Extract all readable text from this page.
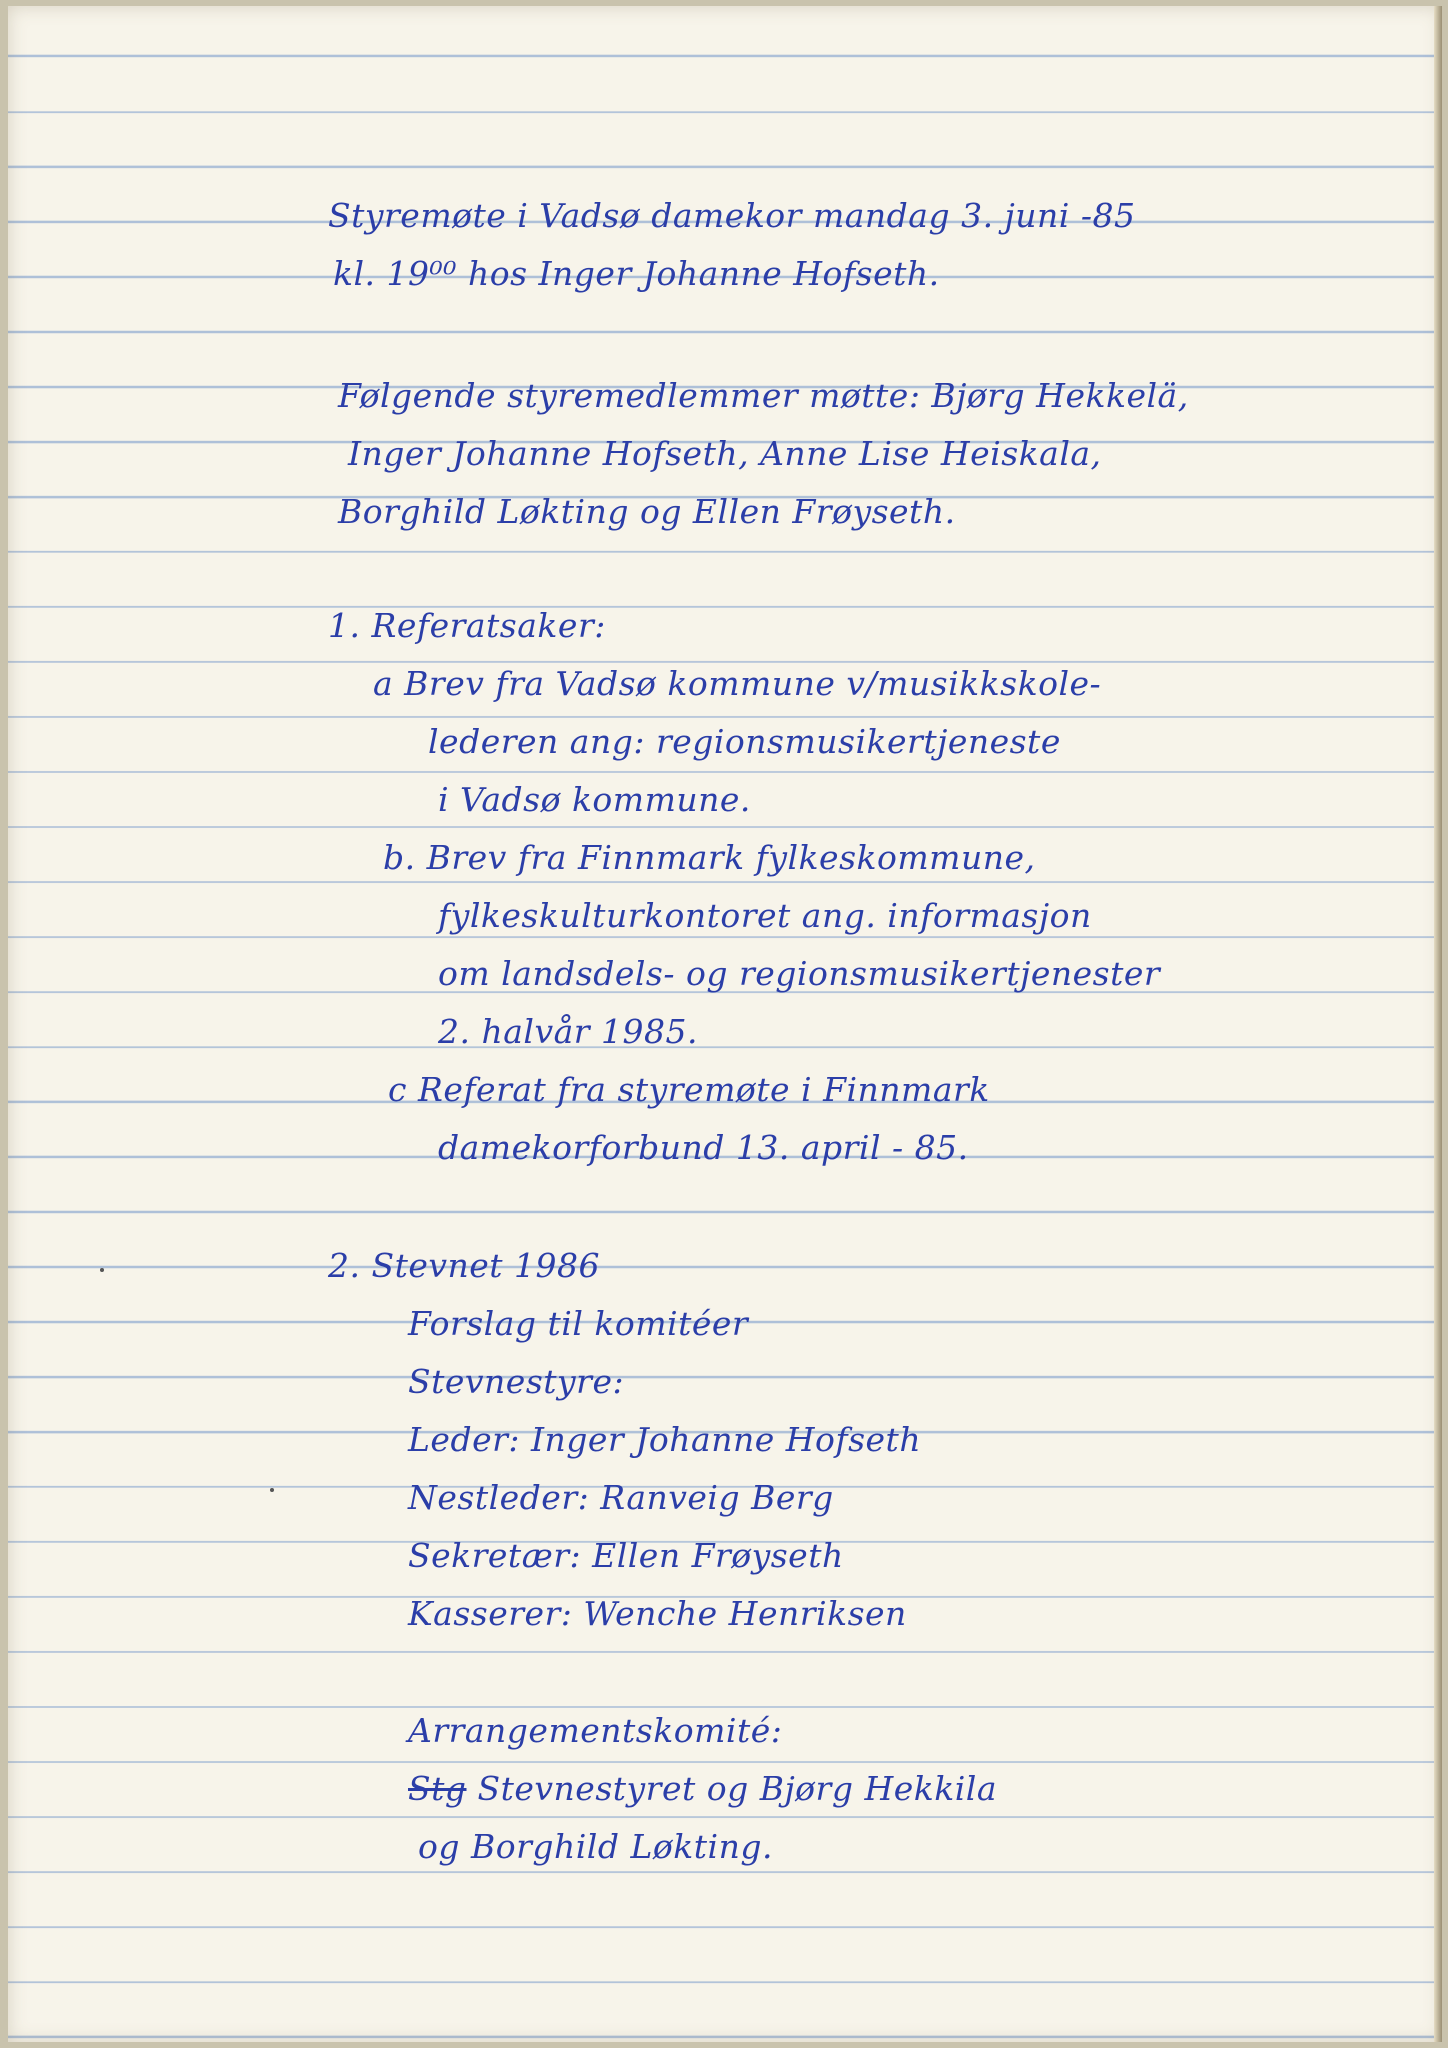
Styremøte i Vadsø damekor mandag 3. juni -85
kl. 19⁰⁰ hos Inger Johanne Hofseth.
Følgende styremedlemmer møtte: Bjørg Hekkelä,
Inger Johanne Hofseth, Anne Lise Heiskala,
Borghild Løkting og Ellen Frøyseth.
1. Referatsaker:
a Brev fra Vadsø kommune v/musikkskole-
lederen ang: regionsmusikertjeneste
i Vadsø kommune.
b. Brev fra Finnmark fylkeskommune,
fylkeskulturkontoret ang. informasjon
om landsdels- og regionsmusikertjenester
2. halvår 1985.
c Referat fra styremøte i Finnmark
damekorforbund 13. april - 85.
2. Stevnet 1986
Forslag til komitéer
Stevnestyre:
Leder: Inger Johanne Hofseth
Nestleder: Ranveig Berg
Sekretær: Ellen Frøyseth
Kasserer: Wenche Henriksen
Arrangementskomité:
Stg Stevnestyret og Bjørg Hekkila
og Borghild Løkting.
